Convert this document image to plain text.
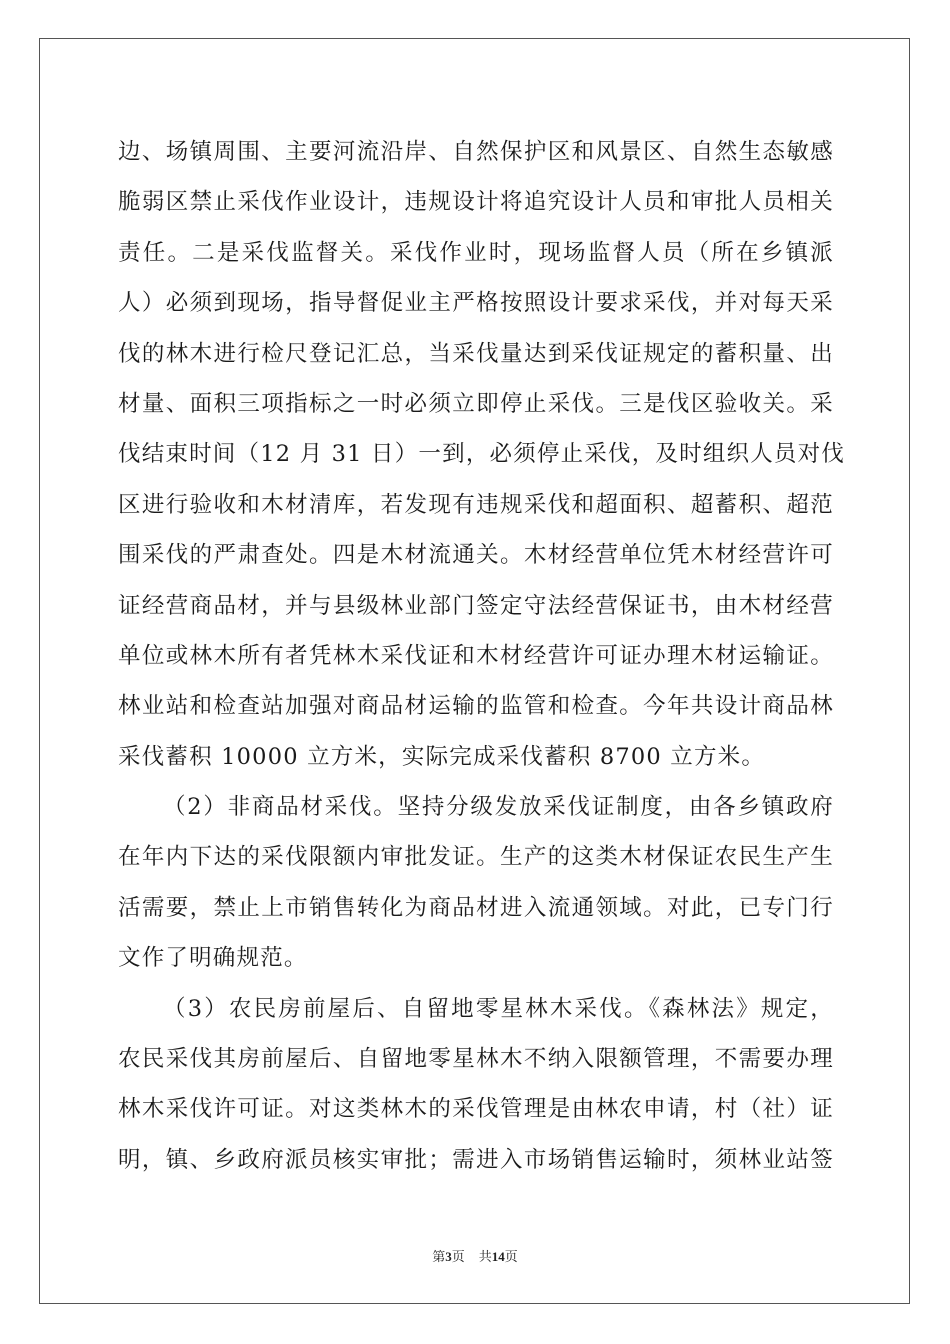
边、场镇周围、主要河流沿岸、自然保护区和风景区、自然生态敏感
脆弱区禁止采伐作业设计，违规设计将追究设计人员和审批人员相关
责任。二是采伐监督关。采伐作业时，现场监督人员（所在乡镇派
人）必须到现场，指导督促业主严格按照设计要求采伐，并对每天采
伐的林木进行检尺登记汇总，当采伐量达到采伐证规定的蓄积量、出
材量、面积三项指标之一时必须立即停止采伐。三是伐区验收关。采
伐结束时间（12 月 31 日）一到，必须停止采伐，及时组织人员对伐
区进行验收和木材清库，若发现有违规采伐和超面积、超蓄积、超范
围采伐的严肃查处。四是木材流通关。木材经营单位凭木材经营许可
证经营商品材，并与县级林业部门签定守法经营保证书，由木材经营
单位或林木所有者凭林木采伐证和木材经营许可证办理木材运输证。
林业站和检查站加强对商品材运输的监管和检查。今年共设计商品林
采伐蓄积 10000 立方米，实际完成采伐蓄积 8700 立方米。
（2）非商品材采伐。坚持分级发放采伐证制度，由各乡镇政府
在年内下达的采伐限额内审批发证。生产的这类木材保证农民生产生
活需要，禁止上市销售转化为商品材进入流通领域。对此，已专门行
文作了明确规范。
（3）农民房前屋后、自留地零星林木采伐。《森林法》规定，
农民采伐其房前屋后、自留地零星林木不纳入限额管理，不需要办理
林木采伐许可证。对这类林木的采伐管理是由林农申请，村（社）证
明，镇、乡政府派员核实审批；需进入市场销售运输时，须林业站签
第3页 共14页
